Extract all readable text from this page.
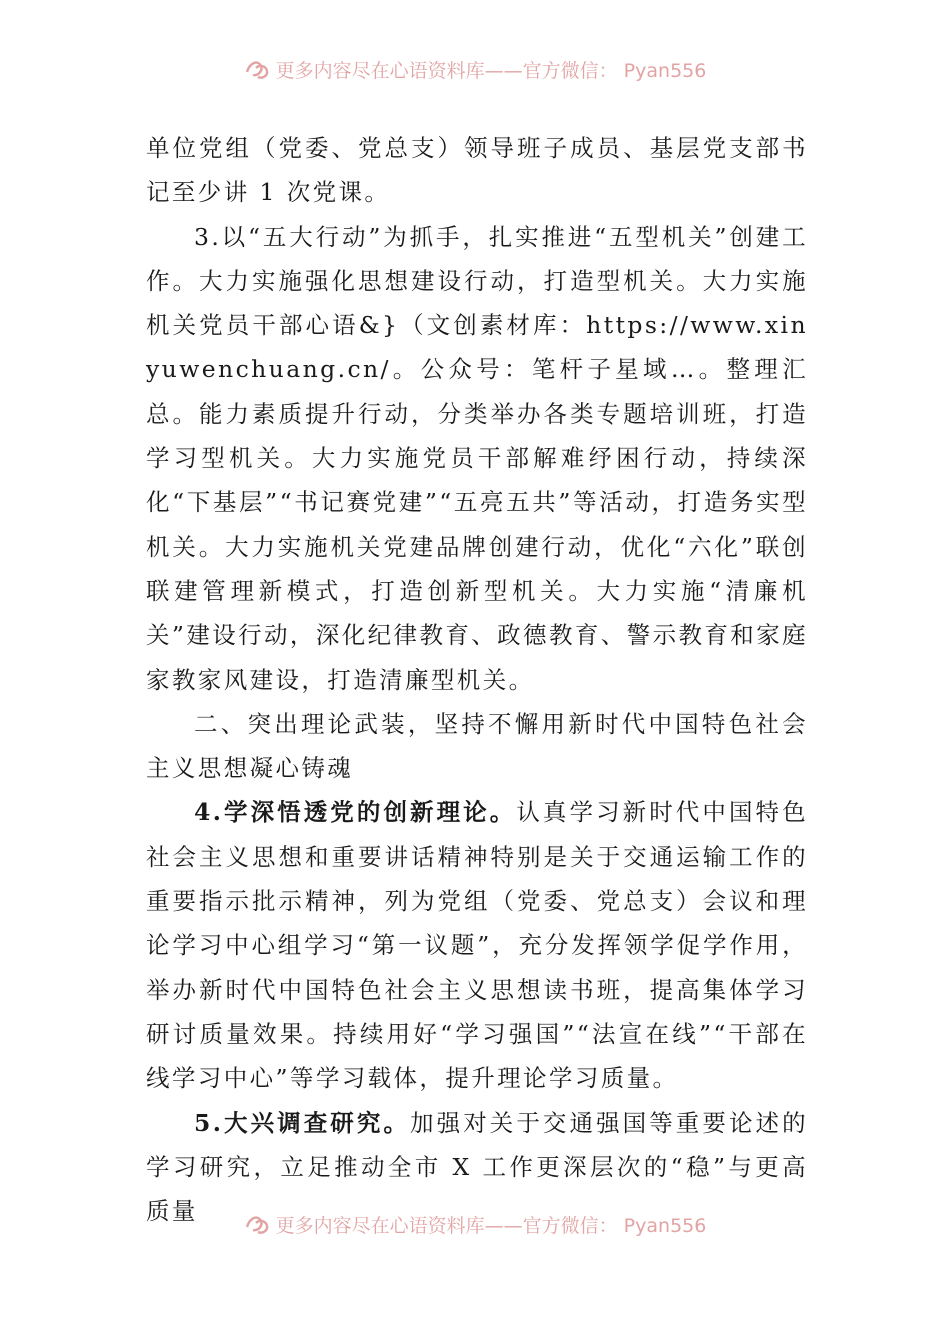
更多内容尽在心语资料库——官方微信： Pyan556

单位党组（党委、党总支）领导班子成员、基层党支部书记至少讲 1 次党课。

3.以“五大行动”为抓手，扎实推进“五型机关”创建工作。大力实施强化思想建设行动，打造型机关。大力实施机关党员干部心语&}（文创素材库：https://www.xinyuwenchuang.cn/。公众号：笔杆子星域…。整理汇总。能力素质提升行动，分类举办各类专题培训班，打造学习型机关。大力实施党员干部解难纾困行动，持续深化“下基层”“书记赛党建”“五亮五共”等活动，打造务实型机关。大力实施机关党建品牌创建行动，优化“六化”联创联建管理新模式，打造创新型机关。大力实施“清廉机关”建设行动，深化纪律教育、政德教育、警示教育和家庭家教家风建设，打造清廉型机关。

二、突出理论武装，坚持不懈用新时代中国特色社会主义思想凝心铸魂

4.学深悟透党的创新理论。认真学习新时代中国特色社会主义思想和重要讲话精神特别是关于交通运输工作的重要指示批示精神，列为党组（党委、党总支）会议和理论学习中心组学习“第一议题”，充分发挥领学促学作用，举办新时代中国特色社会主义思想读书班，提高集体学习研讨质量效果。持续用好“学习强国”“法宣在线”“干部在线学习中心”等学习载体，提升理论学习质量。

5.大兴调查研究。加强对关于交通强国等重要论述的学习研究，立足推动全市 X 工作更深层次的“稳”与更高质量

更多内容尽在心语资料库——官方微信： Pyan556
